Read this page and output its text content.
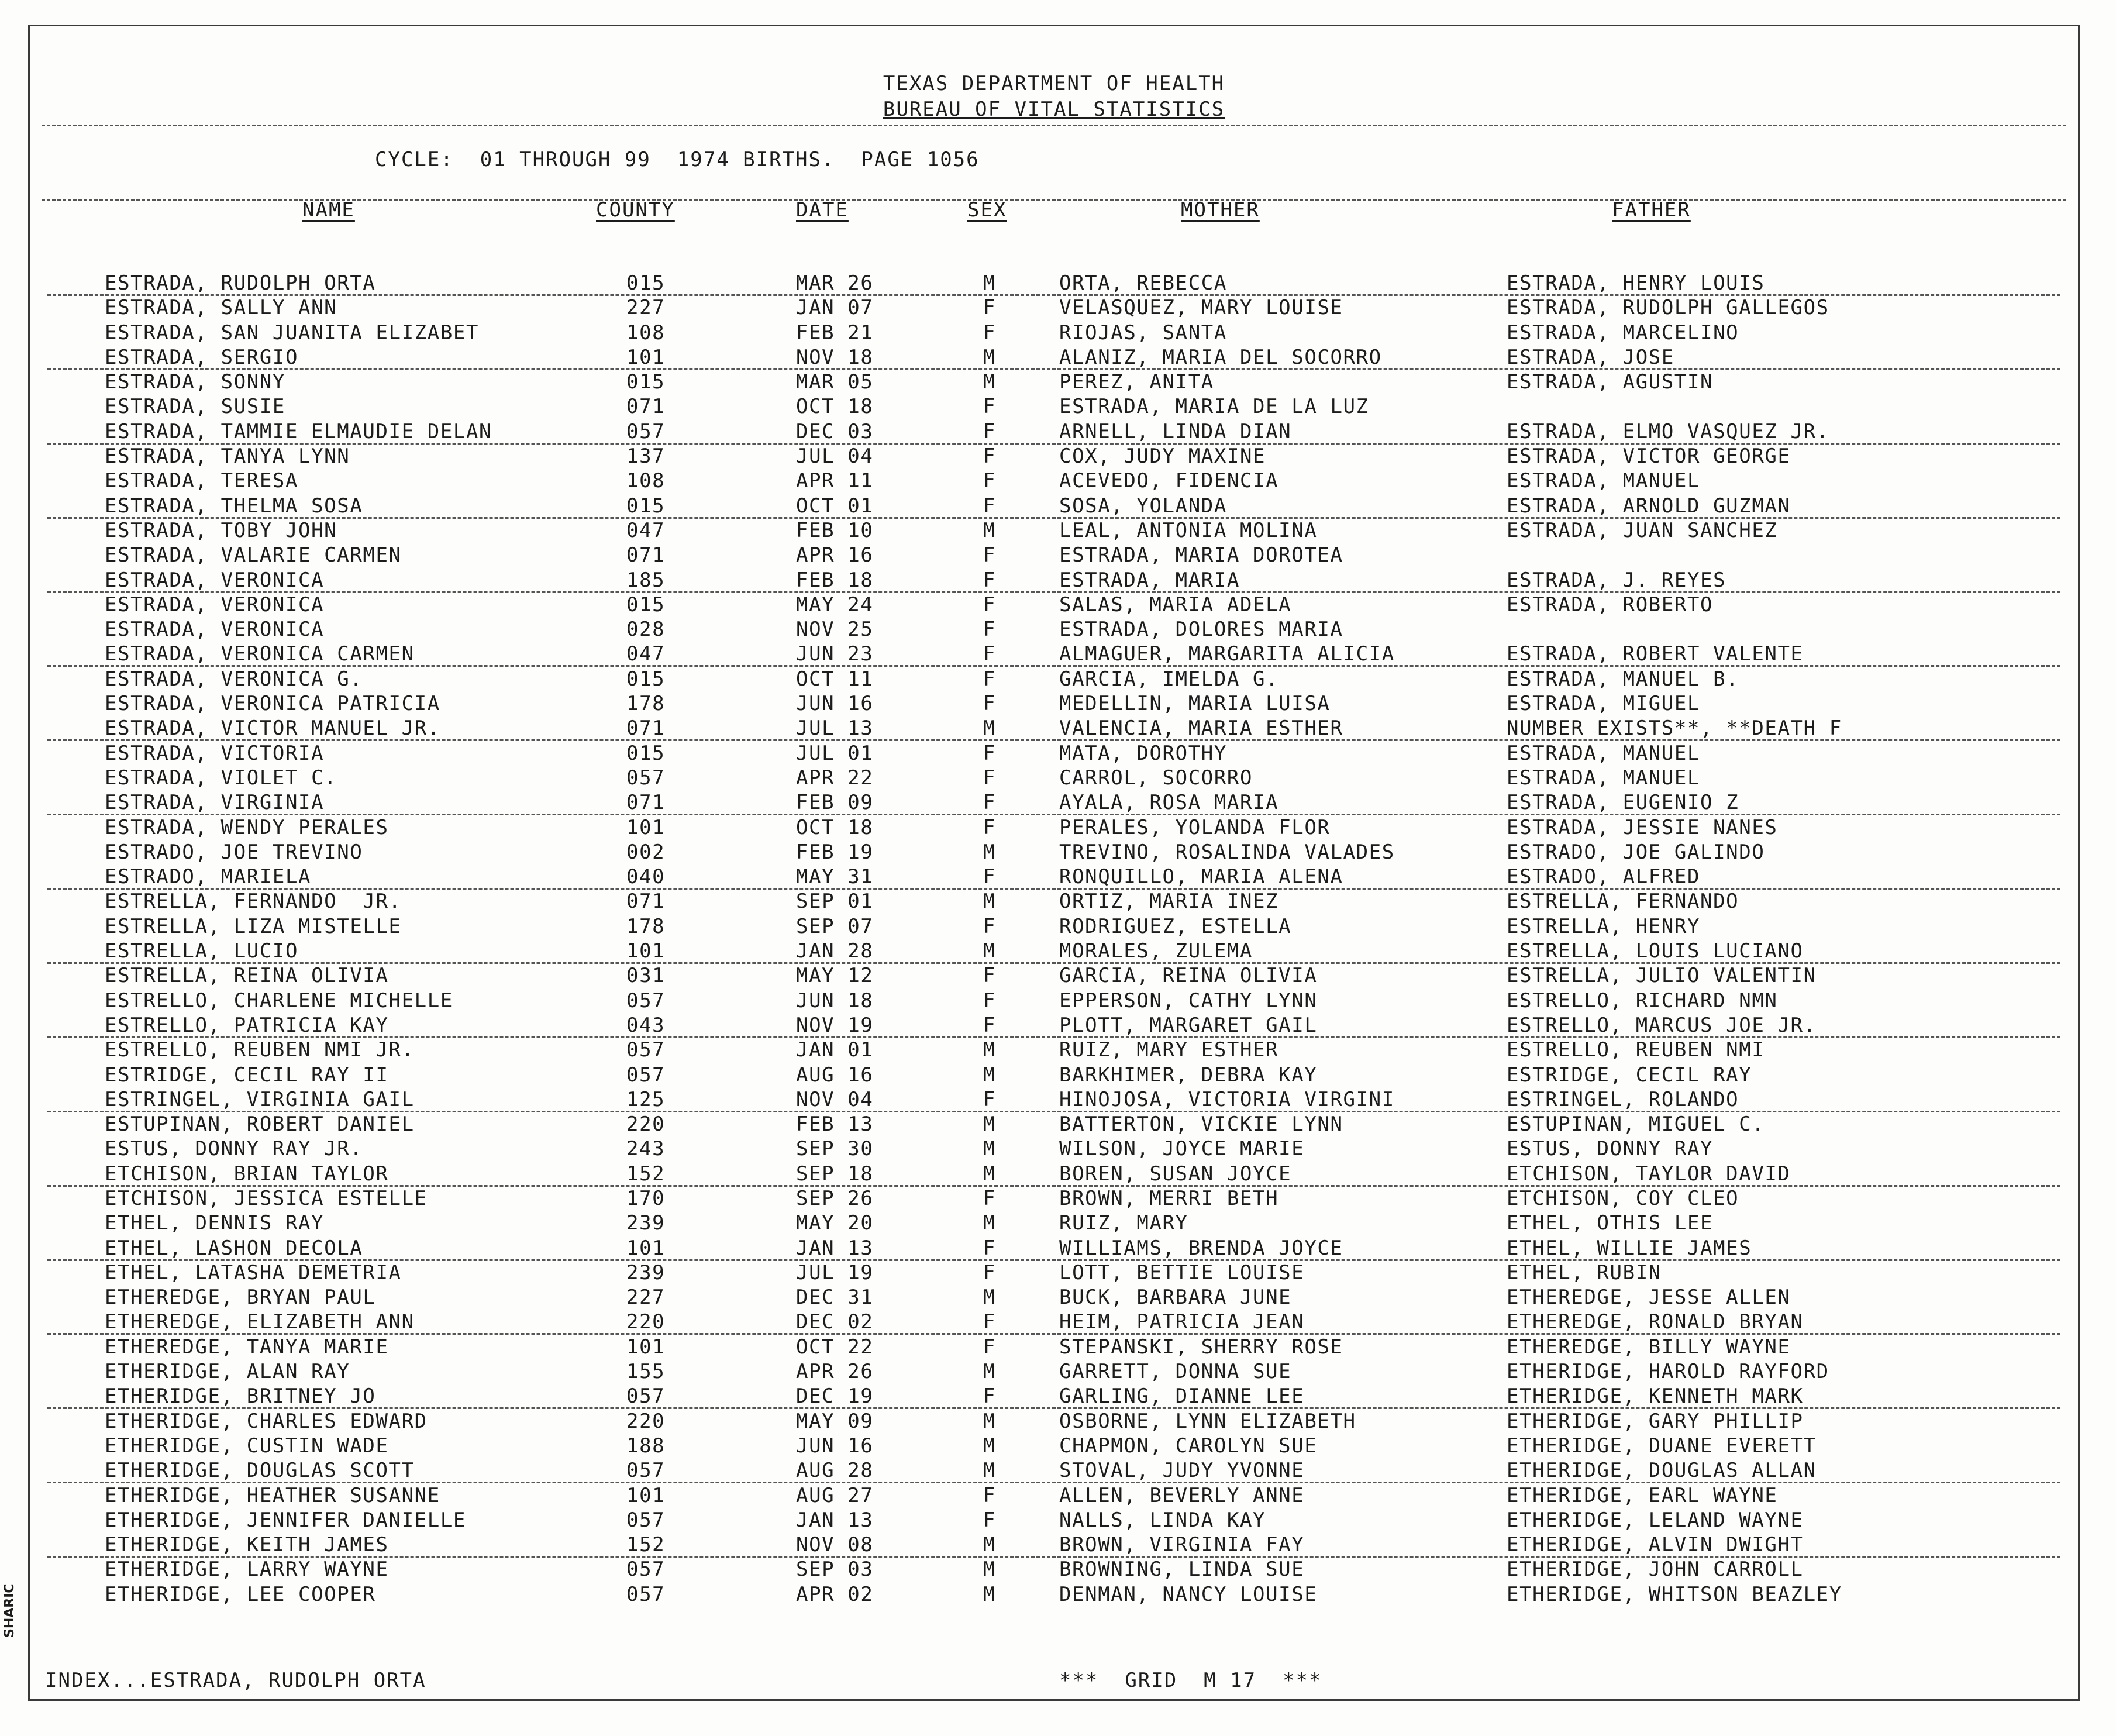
TEXAS DEPARTMENT OF HEALTH
BUREAU OF VITAL STATISTICS
CYCLE:  01 THROUGH 99  1974 BIRTHS.  PAGE 1056
NAME	COUNTY	DATE	SEX	MOTHER	FATHER
ESTRADA, RUDOLPH ORTA	015	MAR 26	M	ORTA, REBECCA	ESTRADA, HENRY LOUIS
ESTRADA, SALLY ANN	227	JAN 07	F	VELASQUEZ, MARY LOUISE	ESTRADA, RUDOLPH GALLEGOS
ESTRADA, SAN JUANITA ELIZABET	108	FEB 21	F	RIOJAS, SANTA	ESTRADA, MARCELINO
ESTRADA, SERGIO	101	NOV 18	M	ALANIZ, MARIA DEL SOCORRO	ESTRADA, JOSE
ESTRADA, SONNY	015	MAR 05	M	PEREZ, ANITA	ESTRADA, AGUSTIN
ESTRADA, SUSIE	071	OCT 18	F	ESTRADA, MARIA DE LA LUZ
ESTRADA, TAMMIE ELMAUDIE DELAN	057	DEC 03	F	ARNELL, LINDA DIAN	ESTRADA, ELMO VASQUEZ JR.
ESTRADA, TANYA LYNN	137	JUL 04	F	COX, JUDY MAXINE	ESTRADA, VICTOR GEORGE
ESTRADA, TERESA	108	APR 11	F	ACEVEDO, FIDENCIA	ESTRADA, MANUEL
ESTRADA, THELMA SOSA	015	OCT 01	F	SOSA, YOLANDA	ESTRADA, ARNOLD GUZMAN
ESTRADA, TOBY JOHN	047	FEB 10	M	LEAL, ANTONIA MOLINA	ESTRADA, JUAN SANCHEZ
ESTRADA, VALARIE CARMEN	071	APR 16	F	ESTRADA, MARIA DOROTEA
ESTRADA, VERONICA	185	FEB 18	F	ESTRADA, MARIA	ESTRADA, J. REYES
ESTRADA, VERONICA	015	MAY 24	F	SALAS, MARIA ADELA	ESTRADA, ROBERTO
ESTRADA, VERONICA	028	NOV 25	F	ESTRADA, DOLORES MARIA
ESTRADA, VERONICA CARMEN	047	JUN 23	F	ALMAGUER, MARGARITA ALICIA	ESTRADA, ROBERT VALENTE
ESTRADA, VERONICA G.	015	OCT 11	F	GARCIA, IMELDA G.	ESTRADA, MANUEL B.
ESTRADA, VERONICA PATRICIA	178	JUN 16	F	MEDELLIN, MARIA LUISA	ESTRADA, MIGUEL
ESTRADA, VICTOR MANUEL JR.	071	JUL 13	M	VALENCIA, MARIA ESTHER	NUMBER EXISTS**, **DEATH F
ESTRADA, VICTORIA	015	JUL 01	F	MATA, DOROTHY	ESTRADA, MANUEL
ESTRADA, VIOLET C.	057	APR 22	F	CARROL, SOCORRO	ESTRADA, MANUEL
ESTRADA, VIRGINIA	071	FEB 09	F	AYALA, ROSA MARIA	ESTRADA, EUGENIO Z
ESTRADA, WENDY PERALES	101	OCT 18	F	PERALES, YOLANDA FLOR	ESTRADA, JESSIE NANES
ESTRADO, JOE TREVINO	002	FEB 19	M	TREVINO, ROSALINDA VALADES	ESTRADO, JOE GALINDO
ESTRADO, MARIELA	040	MAY 31	F	RONQUILLO, MARIA ALENA	ESTRADO, ALFRED
ESTRELLA, FERNANDO  JR.	071	SEP 01	M	ORTIZ, MARIA INEZ	ESTRELLA, FERNANDO
ESTRELLA, LIZA MISTELLE	178	SEP 07	F	RODRIGUEZ, ESTELLA	ESTRELLA, HENRY
ESTRELLA, LUCIO	101	JAN 28	M	MORALES, ZULEMA	ESTRELLA, LOUIS LUCIANO
ESTRELLA, REINA OLIVIA	031	MAY 12	F	GARCIA, REINA OLIVIA	ESTRELLA, JULIO VALENTIN
ESTRELLO, CHARLENE MICHELLE	057	JUN 18	F	EPPERSON, CATHY LYNN	ESTRELLO, RICHARD NMN
ESTRELLO, PATRICIA KAY	043	NOV 19	F	PLOTT, MARGARET GAIL	ESTRELLO, MARCUS JOE JR.
ESTRELLO, REUBEN NMI JR.	057	JAN 01	M	RUIZ, MARY ESTHER	ESTRELLO, REUBEN NMI
ESTRIDGE, CECIL RAY II	057	AUG 16	M	BARKHIMER, DEBRA KAY	ESTRIDGE, CECIL RAY
ESTRINGEL, VIRGINIA GAIL	125	NOV 04	F	HINOJOSA, VICTORIA VIRGINI	ESTRINGEL, ROLANDO
ESTUPINAN, ROBERT DANIEL	220	FEB 13	M	BATTERTON, VICKIE LYNN	ESTUPINAN, MIGUEL C.
ESTUS, DONNY RAY JR.	243	SEP 30	M	WILSON, JOYCE MARIE	ESTUS, DONNY RAY
ETCHISON, BRIAN TAYLOR	152	SEP 18	M	BOREN, SUSAN JOYCE	ETCHISON, TAYLOR DAVID
ETCHISON, JESSICA ESTELLE	170	SEP 26	F	BROWN, MERRI BETH	ETCHISON, COY CLEO
ETHEL, DENNIS RAY	239	MAY 20	M	RUIZ, MARY	ETHEL, OTHIS LEE
ETHEL, LASHON DECOLA	101	JAN 13	F	WILLIAMS, BRENDA JOYCE	ETHEL, WILLIE JAMES
ETHEL, LATASHA DEMETRIA	239	JUL 19	F	LOTT, BETTIE LOUISE	ETHEL, RUBIN
ETHEREDGE, BRYAN PAUL	227	DEC 31	M	BUCK, BARBARA JUNE	ETHEREDGE, JESSE ALLEN
ETHEREDGE, ELIZABETH ANN	220	DEC 02	F	HEIM, PATRICIA JEAN	ETHEREDGE, RONALD BRYAN
ETHEREDGE, TANYA MARIE	101	OCT 22	F	STEPANSKI, SHERRY ROSE	ETHEREDGE, BILLY WAYNE
ETHERIDGE, ALAN RAY	155	APR 26	M	GARRETT, DONNA SUE	ETHERIDGE, HAROLD RAYFORD
ETHERIDGE, BRITNEY JO	057	DEC 19	F	GARLING, DIANNE LEE	ETHERIDGE, KENNETH MARK
ETHERIDGE, CHARLES EDWARD	220	MAY 09	M	OSBORNE, LYNN ELIZABETH	ETHERIDGE, GARY PHILLIP
ETHERIDGE, CUSTIN WADE	188	JUN 16	M	CHAPMON, CAROLYN SUE	ETHERIDGE, DUANE EVERETT
ETHERIDGE, DOUGLAS SCOTT	057	AUG 28	M	STOVAL, JUDY YVONNE	ETHERIDGE, DOUGLAS ALLAN
ETHERIDGE, HEATHER SUSANNE	101	AUG 27	F	ALLEN, BEVERLY ANNE	ETHERIDGE, EARL WAYNE
ETHERIDGE, JENNIFER DANIELLE	057	JAN 13	F	NALLS, LINDA KAY	ETHERIDGE, LELAND WAYNE
ETHERIDGE, KEITH JAMES	152	NOV 08	M	BROWN, VIRGINIA FAY	ETHERIDGE, ALVIN DWIGHT
ETHERIDGE, LARRY WAYNE	057	SEP 03	M	BROWNING, LINDA SUE	ETHERIDGE, JOHN CARROLL
ETHERIDGE, LEE COOPER	057	APR 02	M	DENMAN, NANCY LOUISE	ETHERIDGE, WHITSON BEAZLEY
INDEX...ESTRADA, RUDOLPH ORTA	***  GRID  M 17  ***
SHARIC
